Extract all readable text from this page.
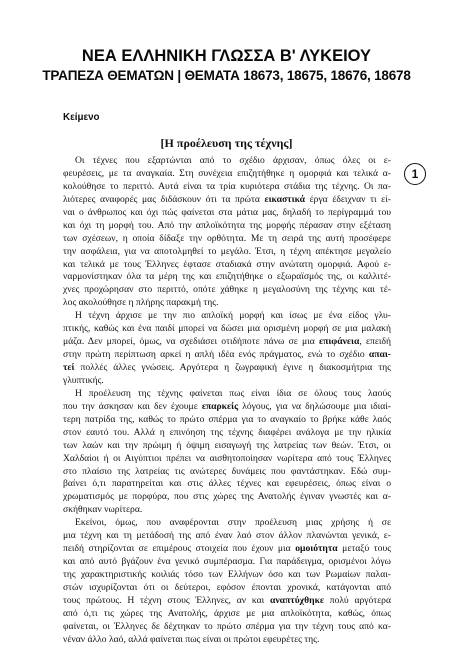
ΝΕΑ ΕΛΛΗΝΙΚΗ ΓΛΩΣΣΑ Β' ΛΥΚΕΙΟΥ
ΤΡΑΠΕΖΑ ΘΕΜΑΤΩΝ | ΘΕΜΑΤΑ 18673, 18675, 18676, 18678
Κείμενο
[Η προέλευση της τέχνης]
1
Οι τέχνες που εξαρτώνται από το σχέδιο άρχισαν, όπως όλες οι ε-
φευρέσεις, με τα αναγκαία. Στη συνέχεια επιζητήθηκε η ομορφιά και τελικά α-
κολούθησε το περιττό. Αυτά είναι τα τρία κυριότερα στάδια της τέχνης. Οι πα-
λιότερες αναφορές μας διδάσκουν ότι τα πρώτα εικαστικά έργα έδειχναν τι εί-
ναι ο άνθρωπος και όχι πώς φαίνεται στα μάτια μας, δηλαδή το περίγραμμά του
και όχι τη μορφή του. Από την απλοϊκότητα της μορφής πέρασαν στην εξέταση
των σχέσεων, η οποία δίδαξε την ορθότητα. Με τη σειρά της αυτή προσέφερε
την ασφάλεια, για να αποτολμηθεί το μεγάλο. Έτσι, η τέχνη απέκτησε μεγαλείο
και τελικά με τους Έλληνες έφτασε σταδιακά στην ανώτατη ομορφιά. Αφού ε-
ναρμονίστηκαν όλα τα μέρη της και επιζητήθηκε ο εξωραϊσμός της, οι καλλιτέ-
χνες προχώρησαν στο περιττό, οπότε χάθηκε η μεγαλοσύνη της τέχνης και τέ-
λος ακολούθησε η πλήρης παρακμή της.
Η τέχνη άρχισε με την πιο απλοϊκή μορφή και ίσως με ένα είδος γλυ-
πτικής, καθώς και ένα παιδί μπορεί να δώσει μια ορισμένη μορφή σε μια μαλακή
μάζα. Δεν μπορεί, όμως, να σχεδιάσει οτιδήποτε πάνω σε μια επιφάνεια, επειδή
στην πρώτη περίπτωση αρκεί η απλή ιδέα ενός πράγματος, ενώ το σχέδιο απαι-
τεί πολλές άλλες γνώσεις. Αργότερα η ζωγραφική έγινε η διακοσμήτρια της
γλυπτικής.
Η προέλευση της τέχνης φαίνεται πως είναι ίδια σε όλους τους λαούς
που την άσκησαν και δεν έχουμε επαρκείς λόγους, για να δηλώσουμε μια ιδιαί-
τερη πατρίδα της, καθώς το πρώτο σπέρμα για το αναγκαίο το βρήκε κάθε λαός
στον εαυτό του. Αλλά η επινόηση της τέχνης διαφέρει ανάλογα με την ηλικία
των λαών και την πρώιμη ή όψιμη εισαγωγή της λατρείας των θεών. Έτσι, οι
Χαλδαίοι ή οι Αιγύπτιοι πρέπει να αισθητοποίησαν νωρίτερα από τους Έλληνες
στο πλαίσιο της λατρείας τις ανώτερες δυνάμεις που φαντάστηκαν. Εδώ συμ-
βαίνει ό,τι παρατηρείται και στις άλλες τέχνες και εφευρέσεις, όπως είναι ο
χρωματισμός με πορφύρα, που στις χώρες της Ανατολής έγιναν γνωστές και α-
σκήθηκαν νωρίτερα.
Εκείνοι, όμως, που αναφέρονται στην προέλευση μιας χρήσης ή σε
μια τέχνη και τη μετάδοσή της από έναν λαό στον άλλον πλανώνται γενικά, ε-
πειδή στηρίζονται σε επιμέρους στοιχεία που έχουν μια ομοιότητα μεταξύ τους
και από αυτό βγάζουν ένα γενικό συμπέρασμα. Για παράδειγμα, ορισμένοι λόγω
της χαρακτηριστικής κοιλιάς τόσο των Ελλήνων όσο και των Ρωμαίων παλαι-
στών ισχυρίζονται ότι οι δεύτεροι, εφόσον έπονται χρονικά, κατάγονται από
τους πρώτους. Η τέχνη στους Έλληνες, αν και αναπτύχθηκε πολύ αργότερα
από ό,τι τις χώρες της Ανατολής, άρχισε με μια απλοϊκότητα, καθώς, όπως
φαίνεται, οι Έλληνες δε δέχτηκαν το πρώτο σπέρμα για την τέχνη τους από κα-
νέναν άλλο λαό, αλλά φαίνεται πως είναι οι πρώτοι εφευρέτες της.
